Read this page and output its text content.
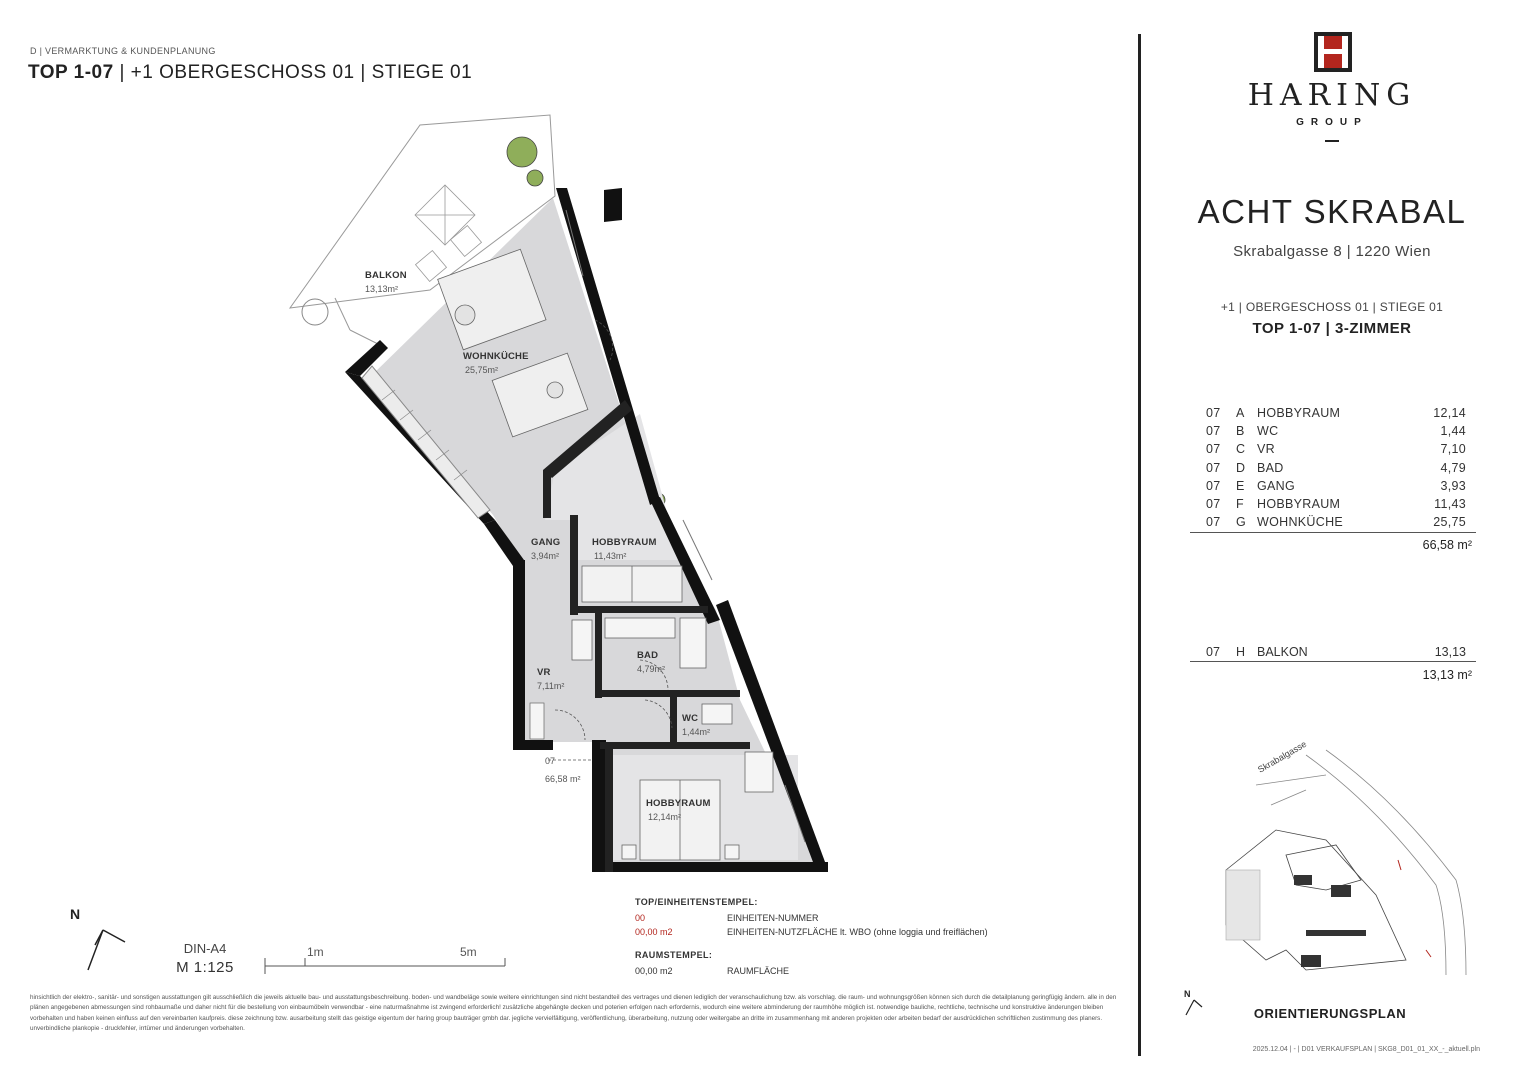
D | VERMARKTUNG & KUNDENPLANUNG
TOP 1-07 | +1 OBERGESCHOSS 01 | STIEGE 01
BALKON
13,13m²
WOHNKÜCHE
25,75m²
GANG
3,94m²
HOBBYRAUM
11,43m²
VR
7,11m²
BAD
4,79m²
WC
1,44m²
HOBBYRAUM
12,14m²
07
66,58 m²
N
DIN-A4
M 1:125
1m	5m
TOP/EINHEITENSTEMPEL:
00	EINHEITEN-NUMMER
00,00 m2	EINHEITEN-NUTZFLÄCHE lt. WBO (ohne loggia und freiflächen)
RAUMSTEMPEL:
00,00 m2	RAUMFLÄCHE
hinsichtlich der elektro-, sanitär- und sonstigen ausstattungen gilt ausschließlich die jeweils aktuelle bau- und ausstattungsbeschreibung. boden- und wandbeläge sowie weitere einrichtungen sind nicht bestandteil des vertrages und dienen lediglich der veranschaulichung bzw. als vorschlag. die raum- und wohnungsgrößen können sich durch die detailplanung geringfügig ändern. alle in den plänen angegebenen abmessungen sind rohbaumaße und daher nicht für die bestellung von einbaumöbeln verwendbar - eine naturmaßnahme ist zwingend erforderlich! zusätzliche abgehängte decken und poterien erfolgen nach erfordernis, wodurch eine weitere abminderung der raumhöhe möglich ist. notwendige bauliche, rechtliche, technische und konstruktive änderungen bleiben vorbehalten und haben keinen einfluss auf den vereinbarten kaufpreis. diese zeichnung bzw. ausarbeitung stellt das geistige eigentum der haring group bauträger gmbh dar. jegliche vervielfältigung, veröffentlichung, überarbeitung, nutzung oder weitergabe an dritte im zusammenhang mit anderen projekten oder arbeiten bedarf der ausdrücklichen schriftlichen zustimmung des planers. unverbindliche plankopie - druckfehler, irrtümer und änderungen vorbehalten.
HARING
GROUP
ACHT SKRABAL
Skrabalgasse 8 | 1220 Wien
+1 | OBERGESCHOSS 01 | STIEGE 01
TOP 1-07 | 3-ZIMMER
07 A HOBBYRAUM	12,14
07 B WC	1,44
07 C VR	7,10
07 D BAD	4,79
07 E GANG	3,93
07 F HOBBYRAUM	11,43
07 G WOHNKÜCHE	25,75
66,58 m²
07 H BALKON	13,13
13,13 m²
Skrabalgasse
N
ORIENTIERUNGSPLAN
2025.12.04 | - | D01 VERKAUFSPLAN | SKG8_D01_01_XX_-_aktuell.pln
